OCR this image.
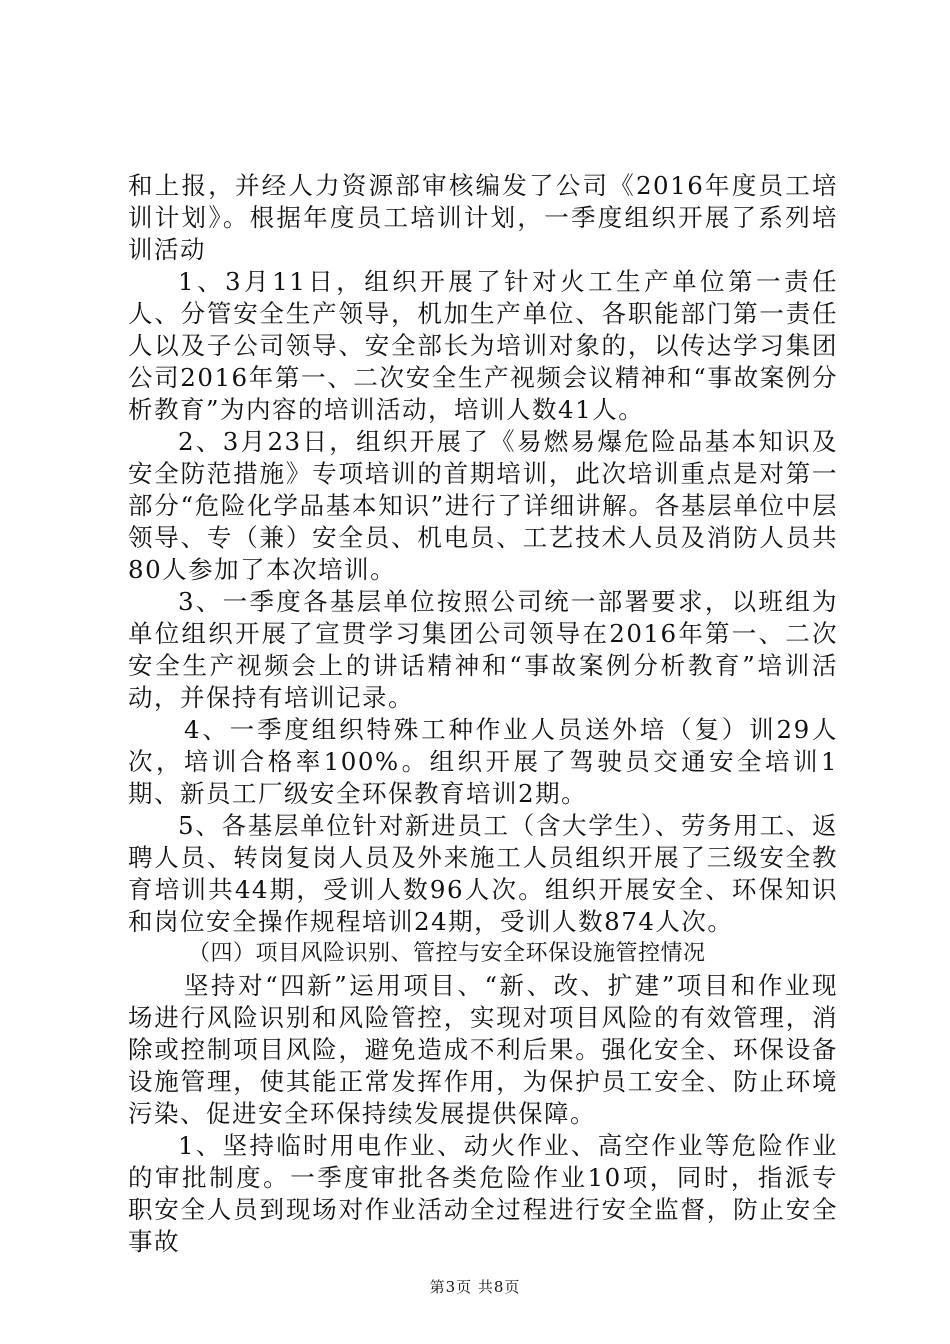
和上报，并经人力资源部审核编发了公司《2016年度员工培训计划》。根据年度员工培训计划，一季度组织开展了系列培训活动

1、3月11日，组织开展了针对火工生产单位第一责任人、分管安全生产领导，机加生产单位、各职能部门第一责任人以及子公司领导、安全部长为培训对象的，以传达学习集团公司2016年第一、二次安全生产视频会议精神和“事故案例分析教育”为内容的培训活动，培训人数41人。

2、3月23日，组织开展了《易燃易爆危险品基本知识及安全防范措施》专项培训的首期培训，此次培训重点是对第一部分“危险化学品基本知识”进行了详细讲解。各基层单位中层领导、专（兼）安全员、机电员、工艺技术人员及消防人员共80人参加了本次培训。

3、一季度各基层单位按照公司统一部署要求，以班组为单位组织开展了宣贯学习集团公司领导在2016年第一、二次安全生产视频会上的讲话精神和“事故案例分析教育”培训活动，并保持有培训记录。

4、一季度组织特殊工种作业人员送外培（复）训29人次，培训合格率100%。组织开展了驾驶员交通安全培训1期、新员工厂级安全环保教育培训2期。

5、各基层单位针对新进员工（含大学生）、劳务用工、返聘人员、转岗复岗人员及外来施工人员组织开展了三级安全教育培训共44期，受训人数96人次。组织开展安全、环保知识和岗位安全操作规程培训24期，受训人数874人次。

（四）项目风险识别、管控与安全环保设施管控情况

坚持对“四新”运用项目、“新、改、扩建”项目和作业现场进行风险识别和风险管控，实现对项目风险的有效管理，消除或控制项目风险，避免造成不利后果。强化安全、环保设备设施管理，使其能正常发挥作用，为保护员工安全、防止环境污染、促进安全环保持续发展提供保障。

1、坚持临时用电作业、动火作业、高空作业等危险作业的审批制度。一季度审批各类危险作业10项，同时，指派专职安全人员到现场对作业活动全过程进行安全监督，防止安全事故

第3页 共8页
